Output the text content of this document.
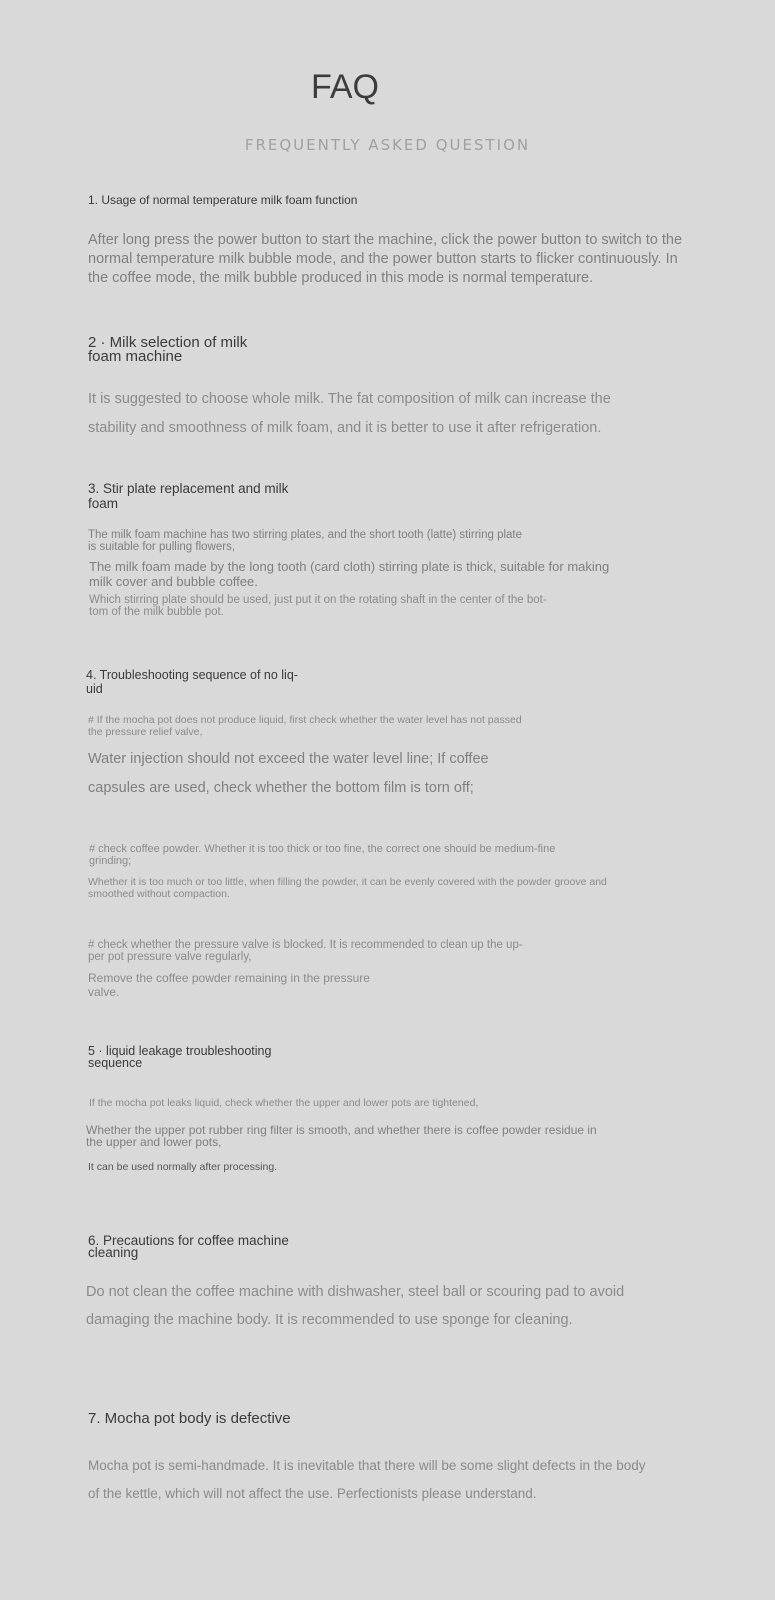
FAQ
FREQUENTLY ASKED QUESTION
1. Usage of normal temperature milk foam function
After long press the power button to start the machine, click the power button to switch to the normal temperature milk bubble mode, and the power button starts to flicker continuously. In the coffee mode, the milk bubble produced in this mode is normal temperature.
2 · Milk selection of milk
foam machine
It is suggested to choose whole milk. The fat composition of milk can increase the stability and smoothness of milk foam, and it is better to use it after refrigeration.
3. Stir plate replacement and milk
foam
The milk foam machine has two stirring plates, and the short tooth (latte) stirring plate
is suitable for pulling flowers,
The milk foam made by the long tooth (card cloth) stirring plate is thick, suitable for making milk cover and bubble coffee.
Which stirring plate should be used, just put it on the rotating shaft in the center of the bot-
tom of the milk bubble pot.
4. Troubleshooting sequence of no liq-
uid
# If the mocha pot does not produce liquid, first check whether the water level has not passed
the pressure relief valve,
Water injection should not exceed the water level line; If coffee
capsules are used, check whether the bottom film is torn off;
# check coffee powder. Whether it is too thick or too fine, the correct one should be medium-fine
grinding;
Whether it is too much or too little, when filling the powder, it can be evenly covered with the powder groove and
smoothed without compaction.
# check whether the pressure valve is blocked. It is recommended to clean up the up-
per pot pressure valve regularly,
Remove the coffee powder remaining in the pressure
valve.
5 · liquid leakage troubleshooting
sequence
If the mocha pot leaks liquid, check whether the upper and lower pots are tightened,
Whether the upper pot rubber ring filter is smooth, and whether there is coffee powder residue in
the upper and lower pots,
It can be used normally after processing.
6. Precautions for coffee machine
cleaning
Do not clean the coffee machine with dishwasher, steel ball or scouring pad to avoid damaging the machine body. It is recommended to use sponge for cleaning.
7. Mocha pot body is defective
Mocha pot is semi-handmade. It is inevitable that there will be some slight defects in the body of the kettle, which will not affect the use. Perfectionists please understand.
